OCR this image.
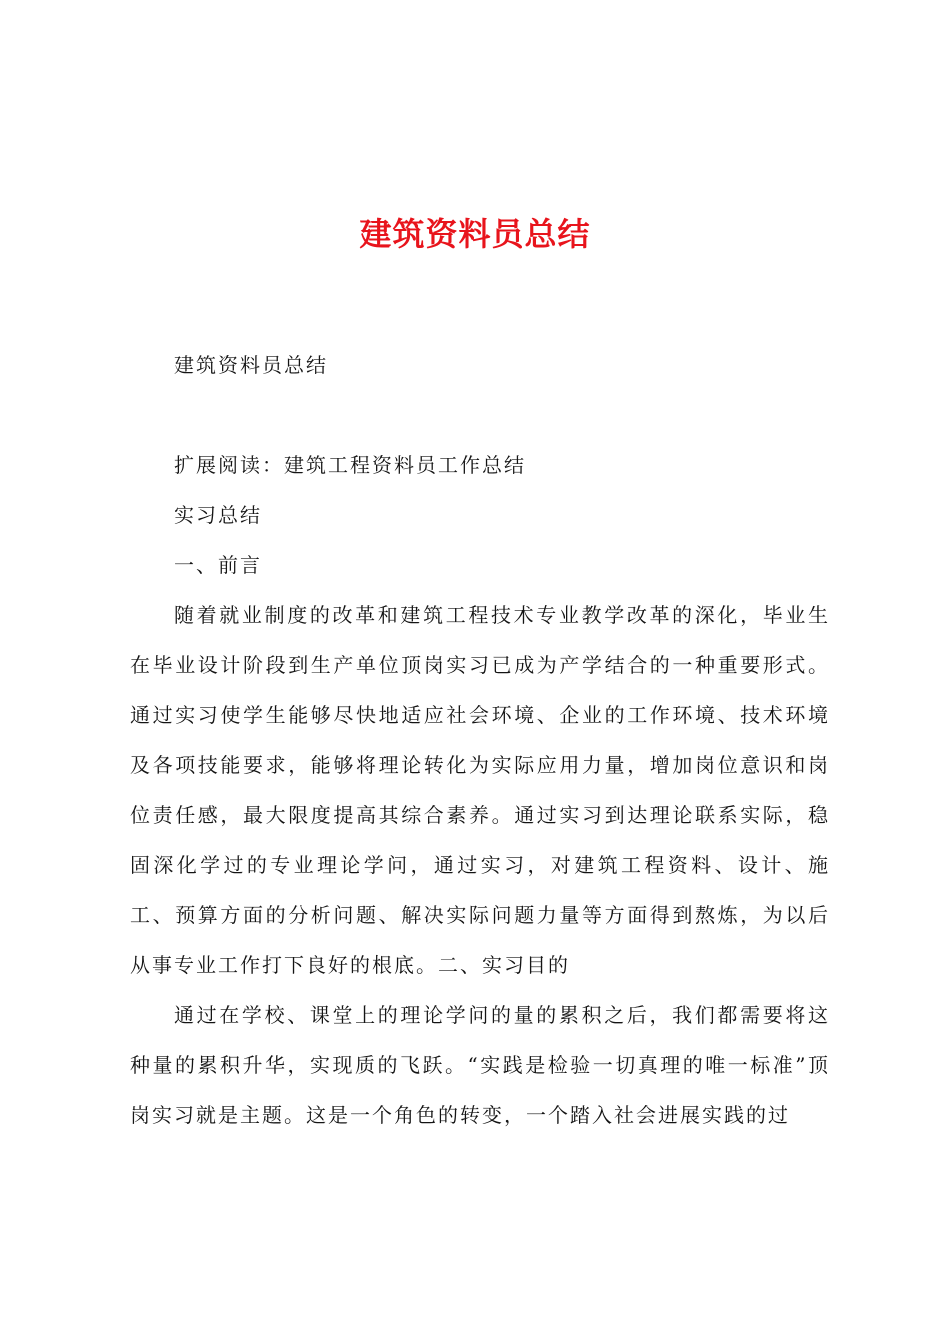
建筑资料员总结

建筑资料员总结

扩展阅读：建筑工程资料员工作总结

实习总结

一、前言

随着就业制度的改革和建筑工程技术专业教学改革的深化，毕业生在毕业设计阶段到生产单位顶岗实习已成为产学结合的一种重要形式。通过实习使学生能够尽快地适应社会环境、企业的工作环境、技术环境及各项技能要求，能够将理论转化为实际应用力量，增加岗位意识和岗位责任感，最大限度提高其综合素养。通过实习到达理论联系实际，稳固深化学过的专业理论学问，通过实习，对建筑工程资料、设计、施工、预算方面的分析问题、解决实际问题力量等方面得到熬炼，为以后从事专业工作打下良好的根底。二、实习目的

通过在学校、课堂上的理论学问的量的累积之后，我们都需要将这种量的累积升华，实现质的飞跃。“实践是检验一切真理的唯一标准”顶岗实习就是主题。这是一个角色的转变，一个踏入社会进展实践的过
